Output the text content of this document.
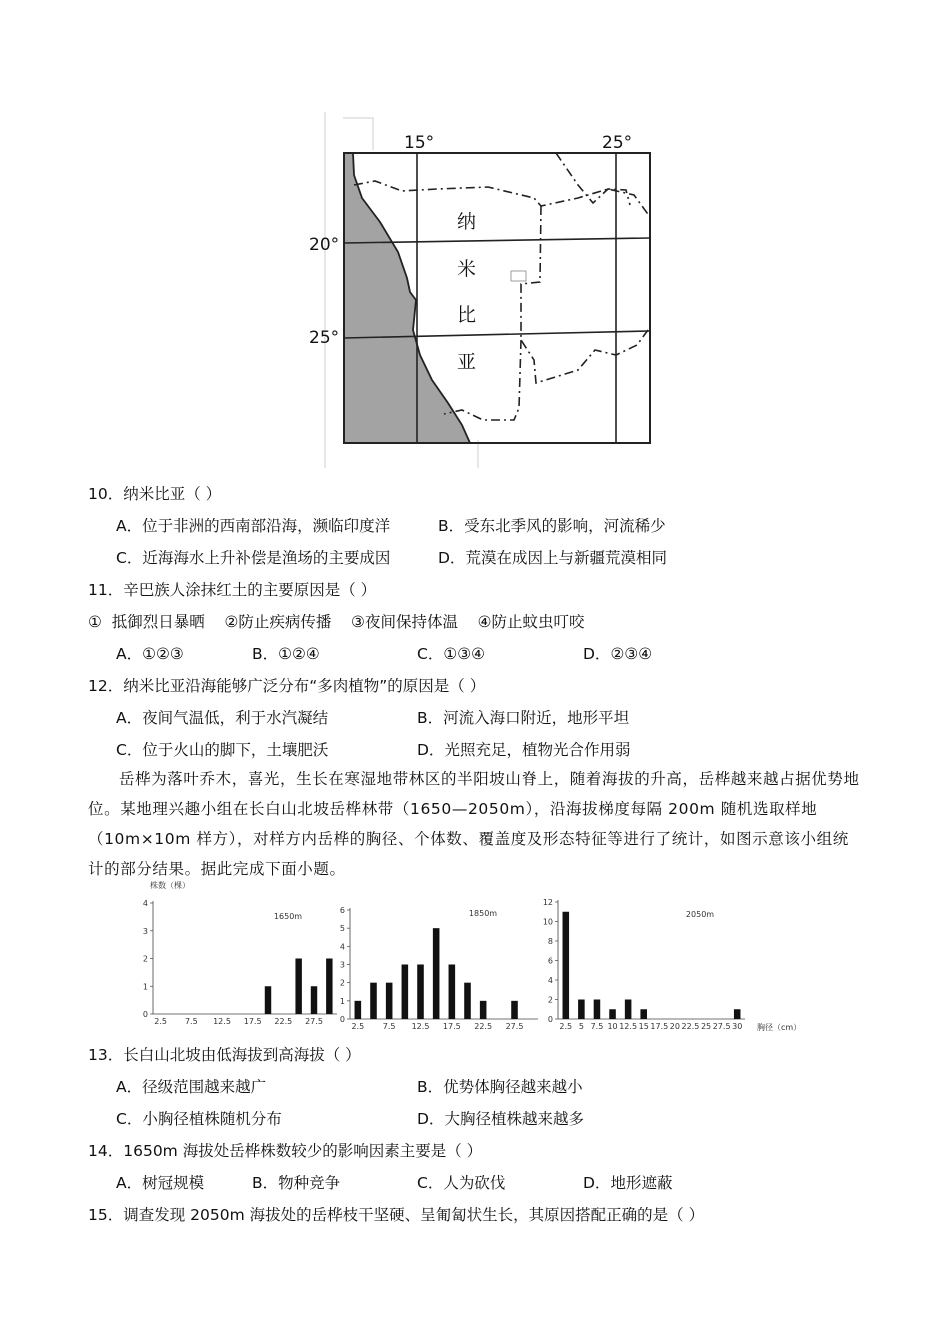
15°	25°
20°
25°
纳
米
比
亚
10．纳米比亚（ ）
A．位于非洲的西南部沿海，濒临印度洋	B．受东北季风的影响，河流稀少
C．近海海水上升补偿是渔场的主要成因	D．荒漠在成因上与新疆荒漠相同
11．辛巴族人涂抹红土的主要原因是（ ）
①  抵御烈日暴晒    ②防止疾病传播    ③夜间保持体温    ④防止蚊虫叮咬
A．①②③	B．①②④	C．①③④	D．②③④
12．纳米比亚沿海能够广泛分布“多肉植物”的原因是（ ）
A．夜间气温低，利于水汽凝结	B．河流入海口附近，地形平坦
C．位于火山的脚下，土壤肥沃	D．光照充足，植物光合作用弱
岳桦为落叶乔木，喜光，生长在寒湿地带林区的半阳坡山脊上，随着海拔的升高，岳桦越来越占据优势地位。某地理兴趣小组在长白山北坡岳桦林带（1650—2050m），沿海拔梯度每隔 200m 随机选取样地（10m×10m 样方），对样方内岳桦的胸径、个体数、覆盖度及形态特征等进行了统计，如图示意该小组统计的部分结果。据此完成下面小题。
0
1
2
3
4
2.5 7.5 12.5 17.5 22.5 27.5
1650m
株数（棵）
0
1
2
3
4
5
6
2.5 7.5 12.5 17.5 22.5 27.5
1850m
0
2
4
6
8
10
12
2.5 5 7.5 10 12.5 15 17.5 20 22.5 25 27.5 30
2050m
胸径（cm）
13．长白山北坡由低海拔到高海拔（ ）
A．径级范围越来越广	B．优势体胸径越来越小
C．小胸径植株随机分布	D．大胸径植株越来越多
14．1650m 海拔处岳桦株数较少的影响因素主要是（ ）
A．树冠规模	B．物种竞争	C．人为砍伐	D．地形遮蔽
15．调查发现 2050m 海拔处的岳桦枝干坚硬、呈匍匐状生长，其原因搭配正确的是（ ）
